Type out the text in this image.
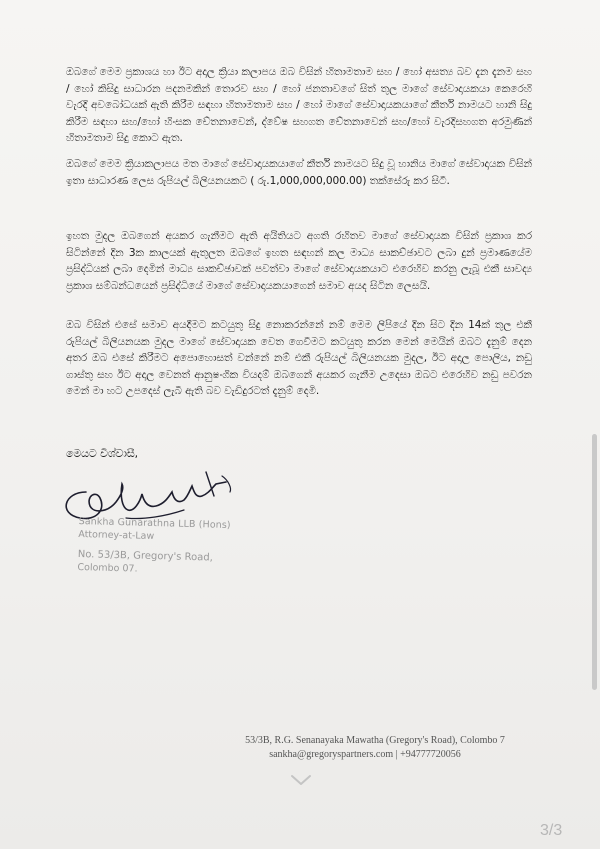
ඔබගේ මෙම ප්‍රකාශය හා ඊට අදාල ක්‍රියා කලාපය ඔබ විසින් හිතාමතාම සහ / හෝ අසත්‍ය බව දැන දැනම සහ / හෝ කිසිදු සාධාරන පදනමකින් තොරව සහ / හෝ ජනතාවගේ සිත් තුල මාගේ සේවාදායකයා කෙරෙහි වැරදි අවබෝධයක් ඇති කිරීම සඳහා හිතාමතාම සහ / හෝ මාගේ සේවාදායකයාගේ කීර්ති නාමයට හානි සිදු කිරීම සඳහා සහ/හෝ හිංසක චේතනාවෙන්, ද්වේෂ සහගත චේතනාවෙන් සහ/හෝ වැරදිසහගත අරමුණින් හිතාමතාම සිදු කොට ඇත.
ඔබගේ මෙම ක්‍රියාකලාපය මත මාගේ සේවාදායකයාගේ කීර්ති නාමයට සිදු වූ හානිය මාගේ සේවාදායක විසින් ඉතා සාධාරණ ලෙස රුපියල් බිලියනයකට ( රු.1,000,000,000.00) තක්සේරු කර සිටී.
ඉහත මුදල ඔබගෙන් අයකර ගැනීමට ඇති අයිතියට අගති රහිතව මාගේ සේවාදායක විසින් ප්‍රකාශ කර සිටින්නේ දින 3ක කාලයක් ඇතුලත ඔබගේ ඉහත සඳහන් කල මාධ්‍ය සාකච්ඡාවට ලබා දුන් ප්‍රමාණයේම ප්‍රසිද්ධියක් ලබා දෙමින් මාධ්‍ය සාකච්ඡාවක් පවත්වා මාගේ සේවාදායකයාට එරෙහිව කරනු ලැබූ එකී සාවද්‍ය ප්‍රකාශ සම්බන්ධයෙන් ප්‍රසිද්ධියේ මාගේ සේවාදායකයාගෙන් සමාව අයද සිටින ලෙසයි.
ඔබ විසින් එසේ සමාව අයදීමට කටයුතු සිදු නොකරන්නේ නම් මෙම ලිපියේ දින සිට දින 14ක් තුල එකී රුපියල් බිලියනයක මුදල මාගේ සේවාදායක වෙත ගෙවීමට කටයුතු කරන මෙන් මෙයින් ඔබට දැනුම් දෙන අතර ඔබ එසේ කිරීමට අපොහොසත් වන්නේ නම් එකී රුපියල් බිලියනයක මුදල, ඊට අදාල පොලිය, නඩු ගාස්තු සහ ඊට අදාල වෙනත් ආනුෂංගික වියදම් ඔබගෙන් අයකර ගැනීම උදෙසා ඔබට එරෙහිව නඩු පවරන මෙන් මා හට උපදෙස් ලැබී ඇති බව වැඩිදුරටත් දැනුම් දෙමි.
මෙයට විශ්වාසී,
Sankha Gunarathna LLB (Hons)
Attorney-at-Law
No. 53/3B, Gregory's Road,
Colombo 07.
53/3B, R.G. Senanayaka Mawatha (Gregory's Road), Colombo 7
sankha@gregoryspartners.com | +94777720056
3/3
